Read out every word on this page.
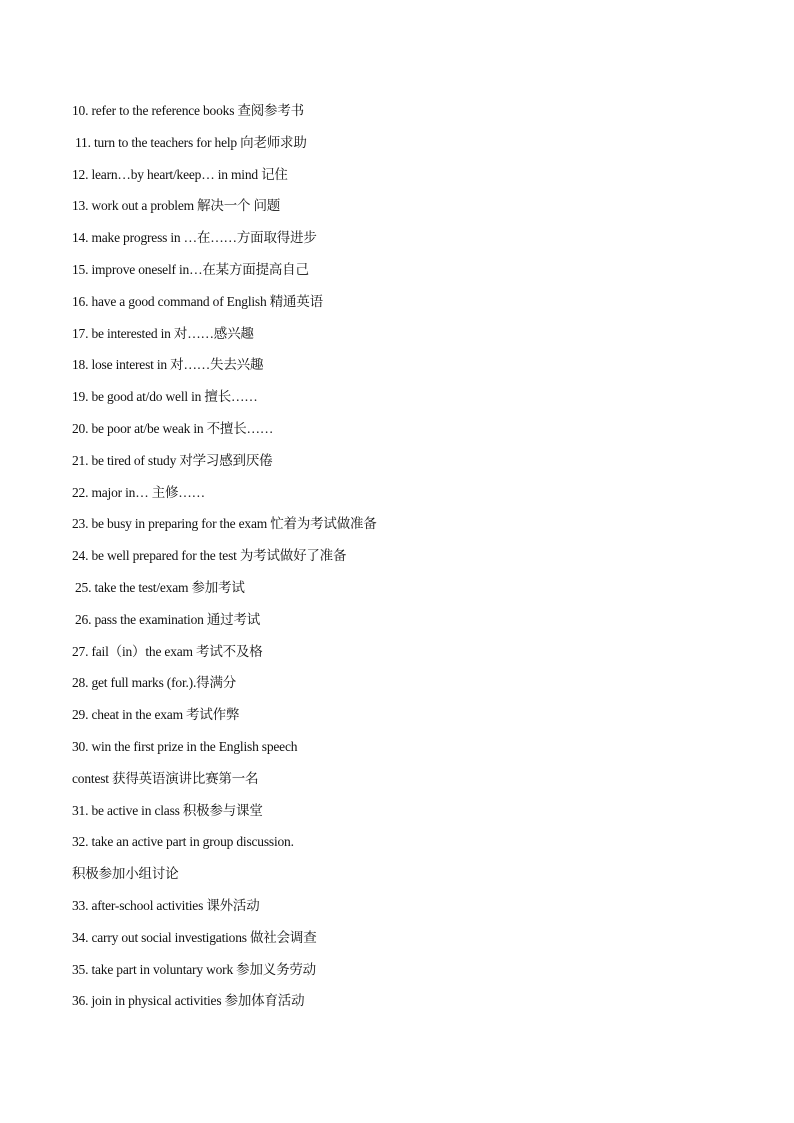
10. refer to the reference books 查阅参考书
11. turn to the teachers for help 向老师求助
12. learn…by heart/keep… in mind 记住
13. work out a problem 解决一个 问题
14. make progress in …在……方面取得进步
15. improve oneself in…在某方面提高自己
16. have a good command of English 精通英语
17. be interested in 对……感兴趣
18. lose interest in 对……失去兴趣
19. be good at/do well in 擅长……
20. be poor at/be weak in 不擅长……
21. be tired of study 对学习感到厌倦
22. major in… 主修……
23. be busy in preparing for the exam 忙着为考试做准备
24. be well prepared for the test 为考试做好了准备
25. take the test/exam 参加考试
26. pass the examination 通过考试
27. fail（in）the exam 考试不及格
28. get full marks (for.).得满分
29. cheat in the exam 考试作弊
30. win the first prize in the English speech
contest 获得英语演讲比赛第一名
31. be active in class 积极参与课堂
32. take an active part in group discussion.
积极参加小组讨论
33. after-school activities 课外活动
34. carry out social investigations 做社会调查
35. take part in voluntary work 参加义务劳动
36. join in physical activities 参加体育活动
